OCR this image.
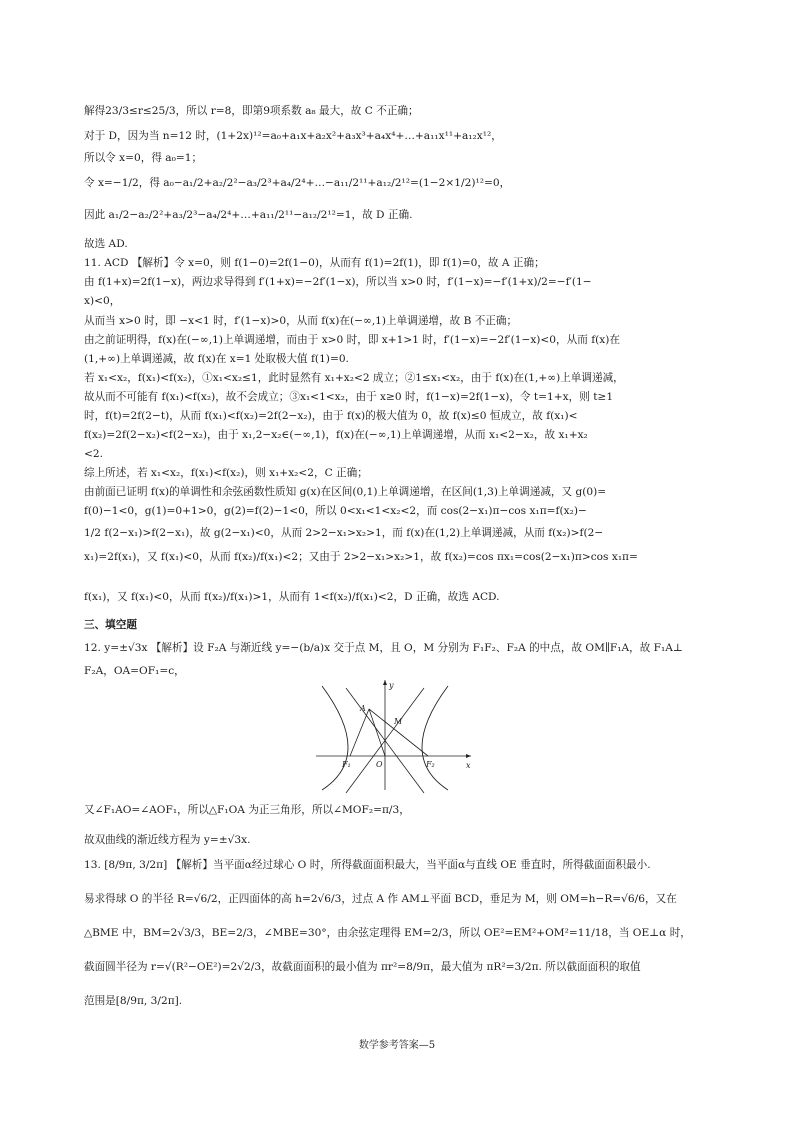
解得23/3≤r≤25/3，所以 r=8，即第9项系数 a₈ 最大，故 C 不正确；
对于 D，因为当 n=12 时，(1+2x)¹²=a₀+a₁x+a₂x²+a₃x³+a₄x⁴+…+a₁₁x¹¹+a₁₂x¹²，
所以令 x=0，得 a₀=1；
令 x=−1/2，得 a₀−a₁/2+a₂/2²−a₃/2³+a₄/2⁴+…−a₁₁/2¹¹+a₁₂/2¹²=(1−2×1/2)¹²=0，
因此 a₁/2−a₂/2²+a₃/2³−a₄/2⁴+…+a₁₁/2¹¹−a₁₂/2¹²=1，故 D 正确.
故选 AD.
11. ACD 【解析】令 x=0，则 f(1−0)=2f(1−0)，从而有 f(1)=2f(1)，即 f(1)=0，故 A 正确；
由 f(1+x)=2f(1−x)，两边求导得到 f′(1+x)=−2f′(1−x)，所以当 x>0 时，f′(1−x)=−f′(1+x)/2=−f′(1−
x)<0，
从而当 x>0 时，即 −x<1 时，f′(1−x)>0，从而 f(x)在(−∞,1)上单调递增，故 B 不正确；
由之前证明得，f(x)在(−∞,1)上单调递增，而由于 x>0 时，即 x+1>1 时，f′(1−x)=−2f′(1−x)<0，从而 f(x)在
(1,+∞)上单调递减，故 f(x)在 x=1 处取极大值 f(1)=0.
若 x₁<x₂，f(x₁)<f(x₂)，①x₁<x₂≤1，此时显然有 x₁+x₂<2 成立；②1≤x₁<x₂，由于 f(x)在(1,+∞)上单调递减，
故从而不可能有 f(x₁)<f(x₂)，故不会成立；③x₁<1<x₂，由于 x≥0 时，f(1−x)=2f(1−x)，令 t=1+x，则 t≥1
时，f(t)=2f(2−t)，从而 f(x₁)<f(x₂)=2f(2−x₂)，由于 f(x)的极大值为 0，故 f(x)≤0 恒成立，故 f(x₁)<
f(x₂)=2f(2−x₂)<f(2−x₂)，由于 x₁,2−x₂∈(−∞,1)，f(x)在(−∞,1)上单调递增，从而 x₁<2−x₂，故 x₁+x₂
<2.
综上所述，若 x₁<x₂，f(x₁)<f(x₂)，则 x₁+x₂<2，C 正确；
由前面已证明 f(x)的单调性和余弦函数性质知 g(x)在区间(0,1)上单调递增，在区间(1,3)上单调递减，又 g(0)=
f(0)−1<0，g(1)=0+1>0，g(2)=f(2)−1<0，所以 0<x₁<1<x₂<2，而 cos(2−x₁)π−cos x₁π=f(x₂)−
1/2 f(2−x₁)>f(2−x₁)，故 g(2−x₁)<0，从而 2>2−x₁>x₂>1，而 f(x)在(1,2)上单调递减，从而 f(x₂)>f(2−
x₁)=2f(x₁)，又 f(x₁)<0，从而 f(x₂)/f(x₁)<2；又由于 2>2−x₁>x₂>1，故 f(x₂)=cos πx₁=cos(2−x₁)π>cos x₁π=
f(x₁)，又 f(x₁)<0，从而 f(x₂)/f(x₁)>1，从而有 1<f(x₂)/f(x₁)<2，D 正确，故选 ACD.
三、填空题
12. y=±√3x 【解析】设 F₂A 与渐近线 y=−(b/a)x 交于点 M，且 O，M 分别为 F₁F₂、F₂A 的中点，故 OM∥F₁A，故 F₁A⊥
F₂A，OA=OF₁=c，
又∠F₁AO=∠AOF₁，所以△F₁OA 为正三角形，所以∠MOF₂=π/3，
故双曲线的渐近线方程为 y=±√3x.
13. [8/9π, 3/2π] 【解析】当平面α经过球心 O 时，所得截面面积最大，当平面α与直线 OE 垂直时，所得截面面积最小.
易求得球 O 的半径 R=√6/2，正四面体的高 h=2√6/3，过点 A 作 AM⊥平面 BCD，垂足为 M，则 OM=h−R=√6/6，又在
△BME 中，BM=2√3/3，BE=2/3，∠MBE=30°，由余弦定理得 EM=2/3，所以 OE²=EM²+OM²=11/18，当 OE⊥α 时，
截面圆半径为 r=√(R²−OE²)=2√2/3，故截面面积的最小值为 πr²=8/9π，最大值为 πR²=3/2π. 所以截面面积的取值
范围是[8/9π, 3/2π].
y
x
A
M
O
F₁	F₂
数学参考答案—5
